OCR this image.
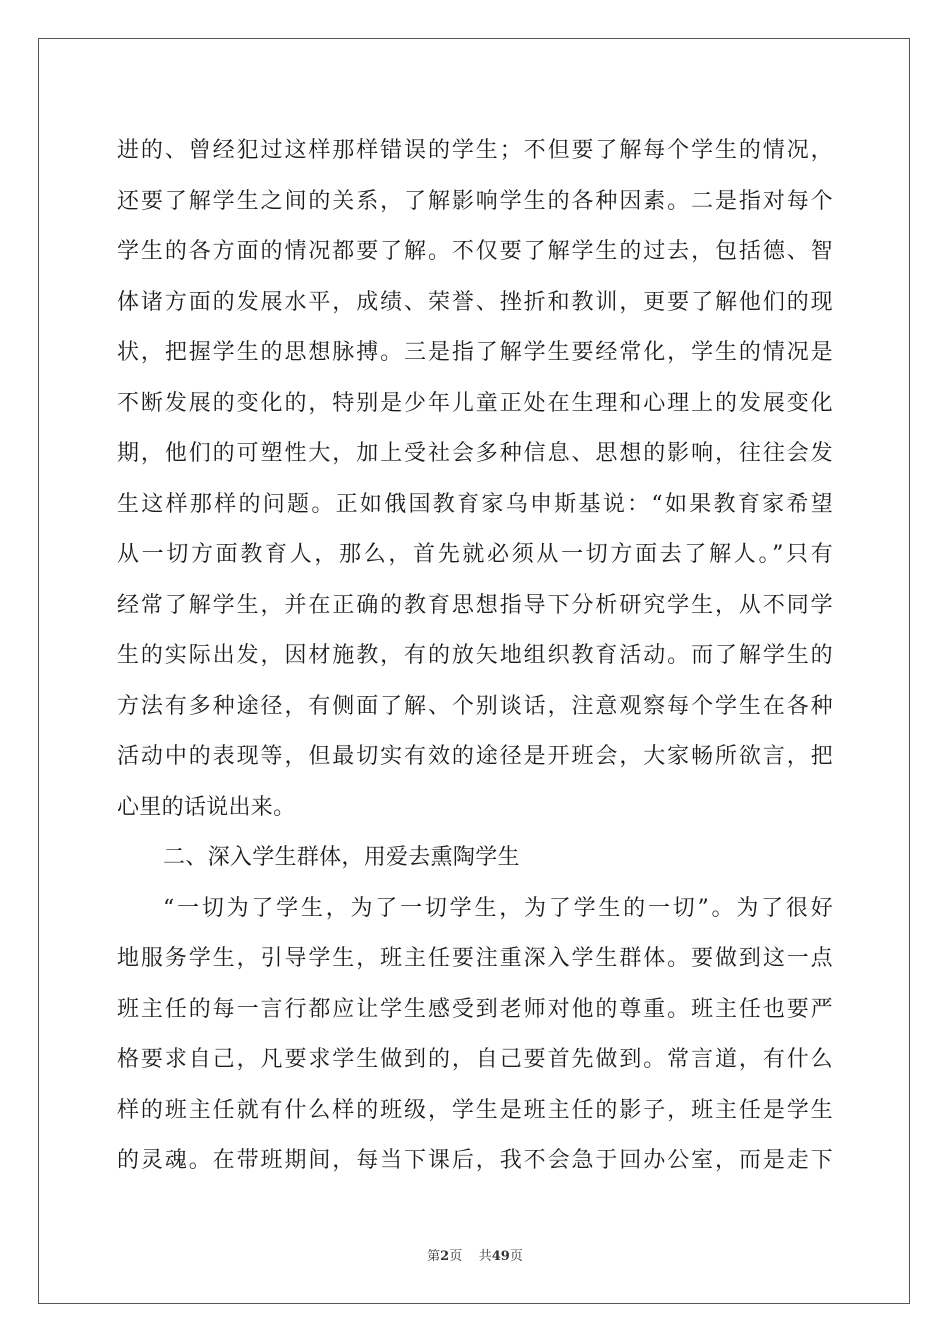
进的、曾经犯过这样那样错误的学生；不但要了解每个学生的情况，
还要了解学生之间的关系，了解影响学生的各种因素。二是指对每个
学生的各方面的情况都要了解。不仅要了解学生的过去，包括德、智
体诸方面的发展水平，成绩、荣誉、挫折和教训，更要了解他们的现
状，把握学生的思想脉搏。三是指了解学生要经常化，学生的情况是
不断发展的变化的，特别是少年儿童正处在生理和心理上的发展变化
期，他们的可塑性大，加上受社会多种信息、思想的影响，往往会发
生这样那样的问题。正如俄国教育家乌申斯基说：“如果教育家希望
从一切方面教育人，那么，首先就必须从一切方面去了解人。”只有
经常了解学生，并在正确的教育思想指导下分析研究学生，从不同学
生的实际出发，因材施教，有的放矢地组织教育活动。而了解学生的
方法有多种途径，有侧面了解、个别谈话，注意观察每个学生在各种
活动中的表现等，但最切实有效的途径是开班会，大家畅所欲言，把
心里的话说出来。
二、深入学生群体，用爱去熏陶学生
“一切为了学生，为了一切学生，为了学生的一切”。为了很好
地服务学生，引导学生，班主任要注重深入学生群体。要做到这一点
班主任的每一言行都应让学生感受到老师对他的尊重。班主任也要严
格要求自己，凡要求学生做到的，自己要首先做到。常言道，有什么
样的班主任就有什么样的班级，学生是班主任的影子，班主任是学生
的灵魂。在带班期间，每当下课后，我不会急于回办公室，而是走下
第2页 共49页
